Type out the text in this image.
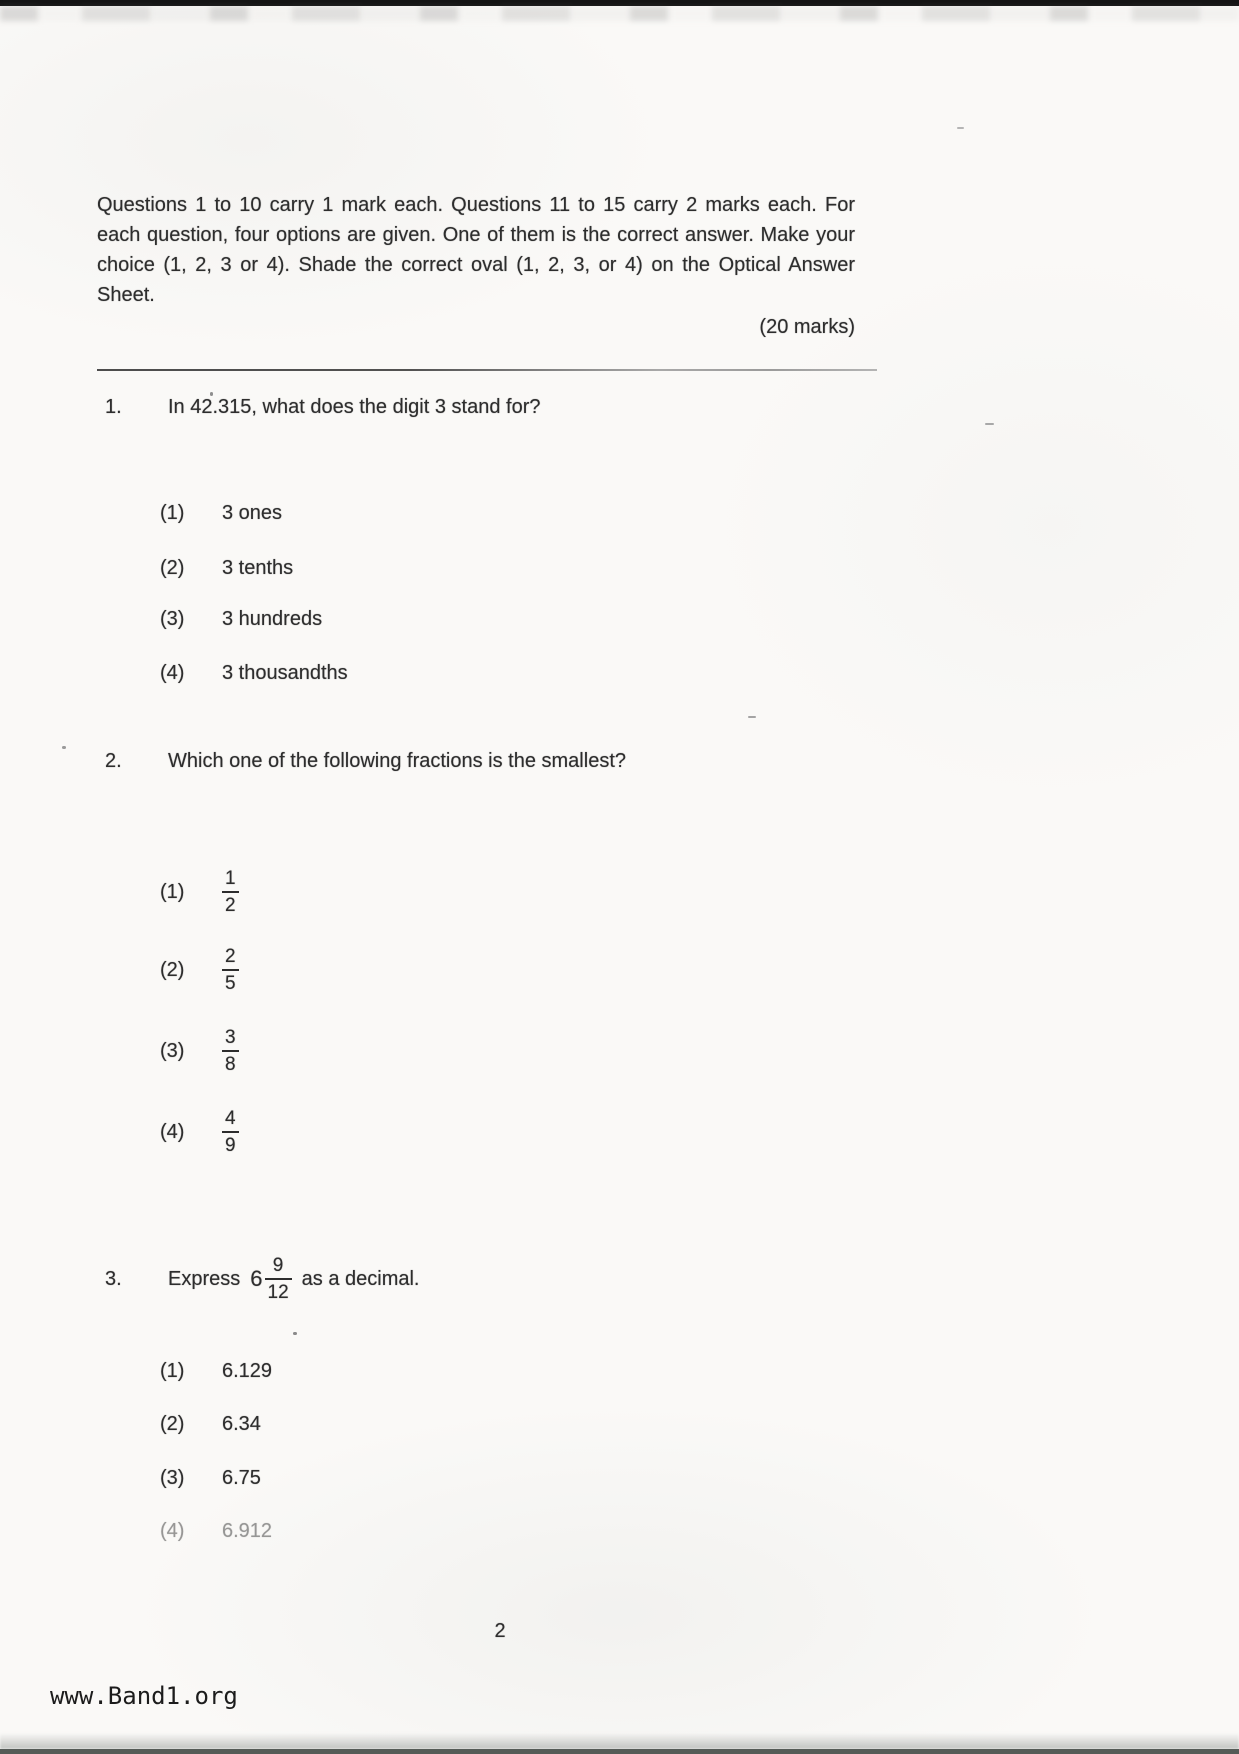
Questions 1 to 10 carry 1 mark each. Questions 11 to 15 carry 2 marks each. For each question, four options are given. One of them is the correct answer. Make your choice (1, 2, 3 or 4). Shade the correct oval (1, 2, 3, or 4) on the Optical Answer Sheet.
(20 marks)
1. In 42.315, what does the digit 3 stand for?
(1)	3 ones
(2)	3 tenths
(3)	3 hundreds
(4)	3 thousandths
2. Which one of the following fractions is the smallest?
(1)	$\frac{1}{2}$
(2)	$\frac{2}{5}$
(3)	$\frac{3}{8}$
(4)	$\frac{4}{9}$
3.	Express $6 \frac{9}{12}$ as a decimal.
(1)	6.129
(2)	6.34
(3)	6.75
(4)	6.912
2
www.Band1.org
